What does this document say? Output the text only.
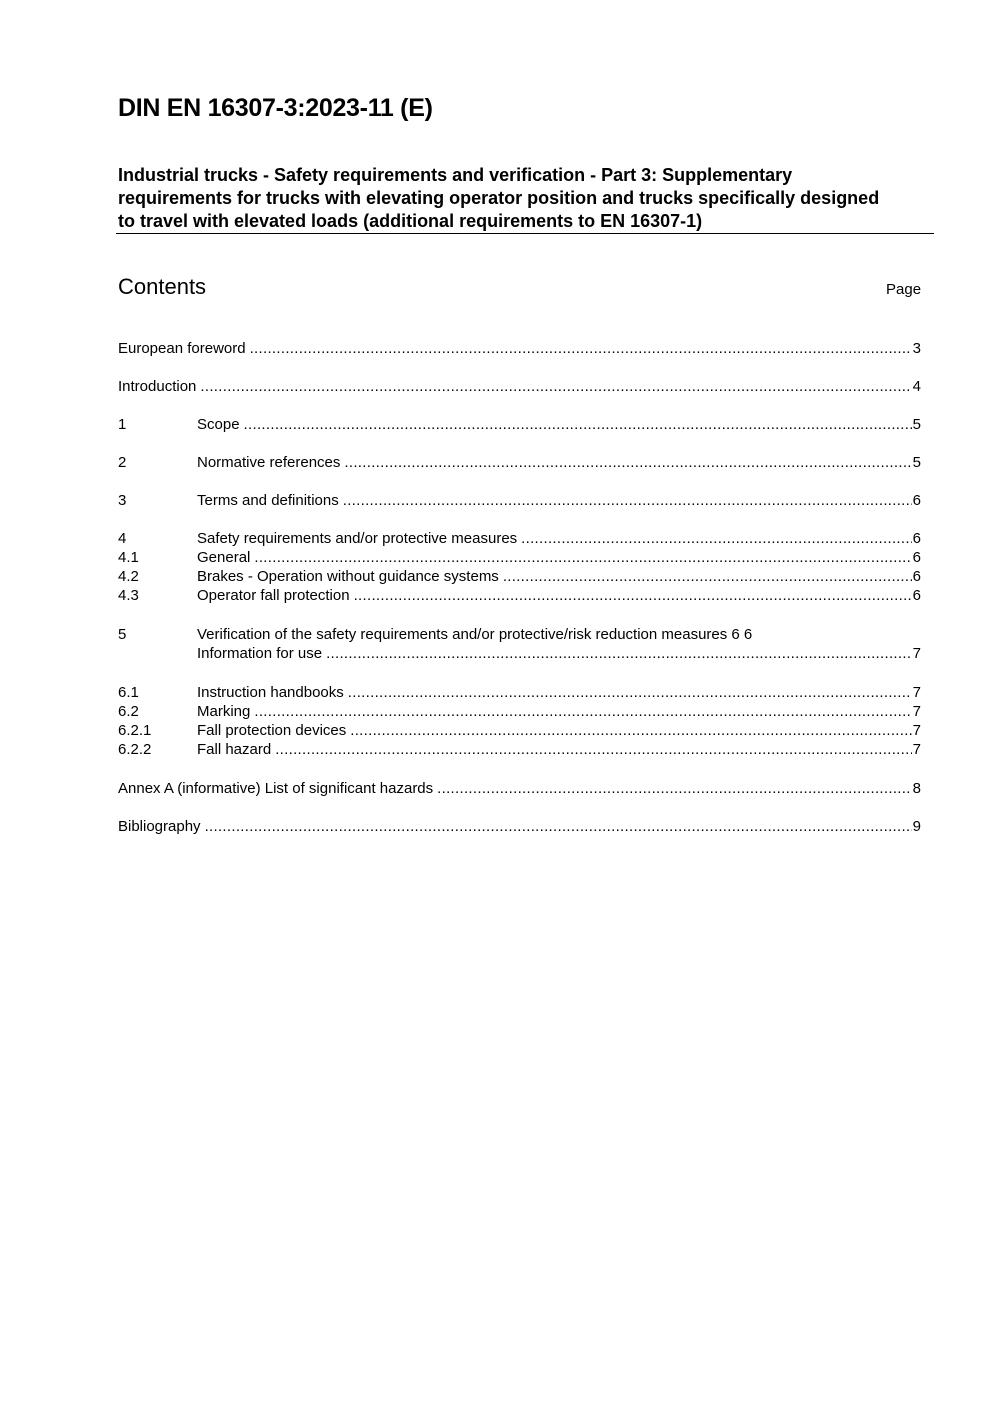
DIN EN 16307-3:2023-11 (E)
Industrial trucks - Safety requirements and verification - Part 3: Supplementary requirements for trucks with elevating operator position and trucks specifically designed to travel with elevated loads (additional requirements to EN 16307-1)
Contents	Page
European foreword .....	3
Introduction .....	4
1	Scope .....	5
2	Normative references .....	5
3	Terms and definitions .....	6
4	Safety requirements and/or protective measures .....	6
4.1	General .....	6
4.2	Brakes - Operation without guidance systems .....	6
4.3	Operator fall protection .....	6
5	Verification of the safety requirements and/or protective/risk reduction measures 6 6
Information for use .....	7
6.1	Instruction handbooks .....	7
6.2	Marking .....	7
6.2.1	Fall protection devices .....	7
6.2.2	Fall hazard .....	7
Annex A (informative) List of significant hazards .....	8
Bibliography .....	9
